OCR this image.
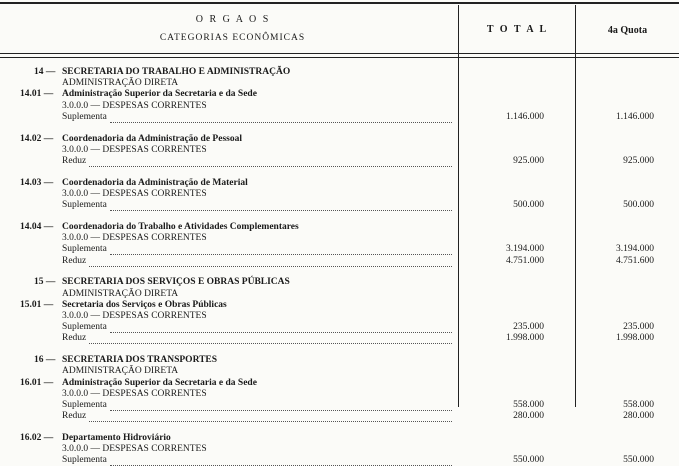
O R G A O S
CATEGORIAS ECONÔMICAS
T O T A L	4a Quota
14 — SECRETARIA DO TRABALHO E ADMINISTRAÇÃO
ADMINISTRAÇÃO DIRETA
14.01 — Administração Superior da Secretaria e da Sede
3.0.0.0 — DESPESAS CORRENTES
Suplementa	1.146.000	1.146.000
14.02 — Coordenadoria da Administração de Pessoal
3.0.0.0 — DESPESAS CORRENTES
Reduz	925.000	925.000
14.03 — Coordenadoria da Administração de Material
3.0.0.0 — DESPESAS CORRENTES
Suplementa	500.000	500.000
14.04 — Coordenadoria do Trabalho e Atividades Complementares
3.0.0.0 — DESPESAS CORRENTES
Suplementa	3.194.000	3.194.000
Reduz	4.751.000	4.751.600
15 — SECRETARIA DOS SERVIÇOS E OBRAS PÚBLICAS
ADMINISTRAÇÃO DIRETA
15.01 — Secretaria dos Serviços e Obras Públicas
3.0.0.0 — DESPESAS CORRENTES
Suplementa	235.000	235.000
Reduz	1.998.000	1.998.000
16 — SECRETARIA DOS TRANSPORTES
ADMINISTRAÇÃO DIRETA
16.01 — Administração Superior da Secretaria e da Sede
3.0.0.0 — DESPESAS CORRENTES
Suplementa	558.000	558.000
Reduz	280.000	280.000
16.02 — Departamento Hidroviário
3.0.0.0 — DESPESAS CORRENTES
Suplementa	550.000	550.000
